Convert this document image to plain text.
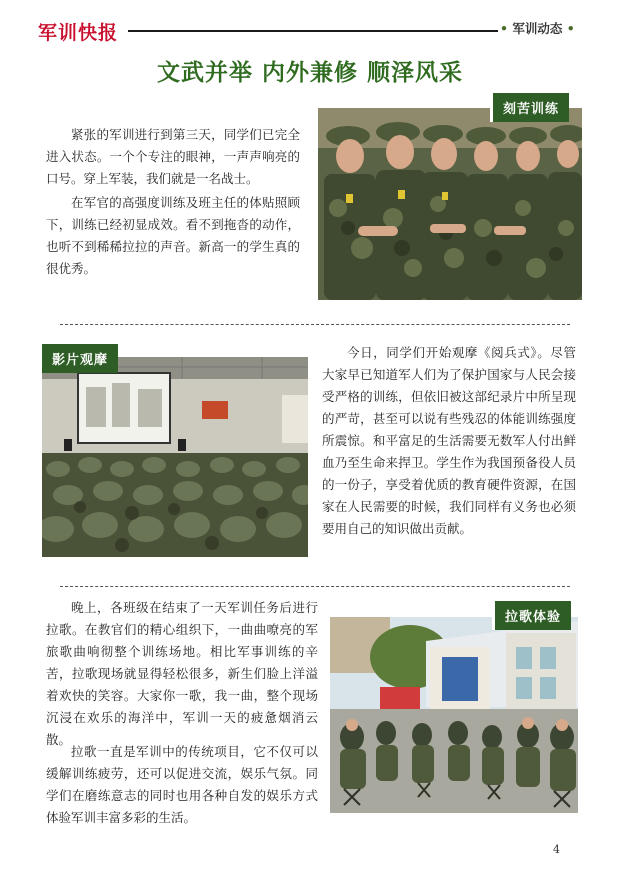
军训快报	• 军训动态 •
文武并举 内外兼修 顺泽风采
紧张的军训进行到第三天，同学们已完全进入状态。一个个专注的眼神，一声声响亮的口号。穿上军装，我们就是一名战士。
在军官的高强度训练及班主任的体贴照顾下，训练已经初显成效。看不到拖沓的动作，也听不到稀稀拉拉的声音。新高一的学生真的很优秀。
刻苦训练
影片观摩
今日，同学们开始观摩《阅兵式》。尽管大家早已知道军人们为了保护国家与人民会接受严格的训练，但依旧被这部纪录片中所呈现的严苛，甚至可以说有些残忍的体能训练强度所震惊。和平富足的生活需要无数军人付出鲜血乃至生命来捍卫。学生作为我国预备役人员的一份子，享受着优质的教育硬件资源，在国家在人民需要的时候，我们同样有义务也必须要用自己的知识做出贡献。
晚上，各班级在结束了一天军训任务后进行拉歌。在教官们的精心组织下，一曲曲嘹亮的军旅歌曲响彻整个训练场地。相比军事训练的辛苦，拉歌现场就显得轻松很多，新生们脸上洋溢着欢快的笑容。大家你一歌，我一曲，整个现场沉浸在欢乐的海洋中，军训一天的疲惫烟消云散。
拉歌一直是军训中的传统项目，它不仅可以缓解训练疲劳，还可以促进交流，娱乐气氛。同学们在磨练意志的同时也用各种自发的娱乐方式体验军训丰富多彩的生活。
拉歌体验
4
